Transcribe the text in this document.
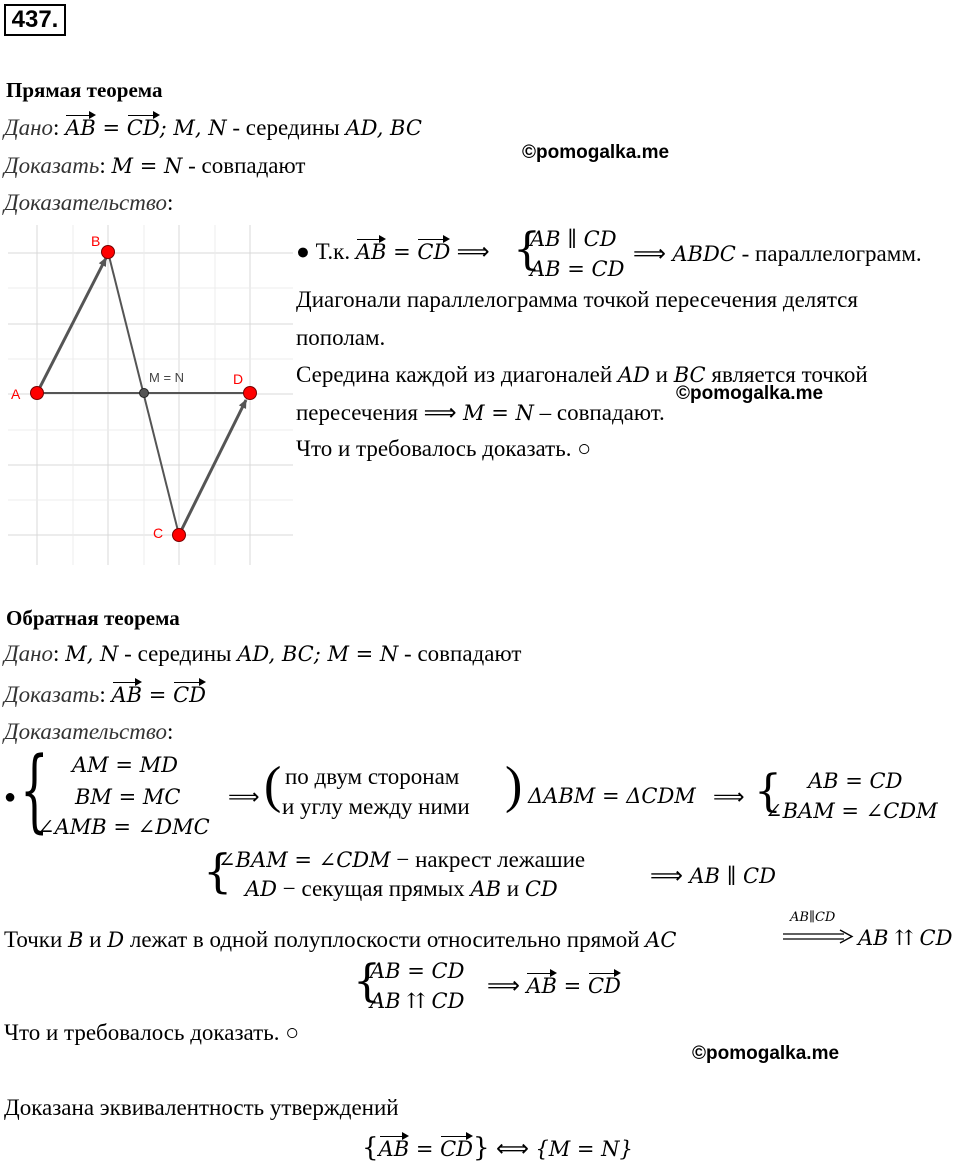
437.
Прямая теорема
Дано: AB = CD; M, N - середины AD, BC
©pomogalka.me
Доказать: M = N - совпадают
Доказательство:
A
B
C
D
M = N
● Т.к. AB = CD ⟹ {
AB ∥ CD
AB = CD
⟹ ABDC - параллелограмм.
Диагонали параллелограмма точкой пересечения делятся
пополам.
Середина каждой из диагоналей AD и BC является точкой
©pomogalka.me
пересечения ⟹ M = N – совпадают.
Что и требовалось доказать. ○
Обратная теорема
Дано: M, N - середины AD, BC; M = N - совпадают
Доказать: AB = CD
Доказательство:
● { AM = MD
BM = MC
∠AMB = ∠DMC
⟹ ( по двум сторонам
и углу между ними ) ΔABM = ΔCDM ⟹ { AB = CD
∠BAM = ∠CDM
{
∠BAM = ∠CDM − накрест лежашие
AD − секущая прямых AB и CD
⟹ AB ∥ CD
Точки B и D лежат в одной полуплоскости относительно прямой AC
AB∥CD
AB ⇈ CD
{
AB = CD
AB ⇈ CD
⟹ AB = CD
Что и требовалось доказать. ○
©pomogalka.me
Доказана эквивалентность утверждений
{AB = CD} ⟺ {M = N}
